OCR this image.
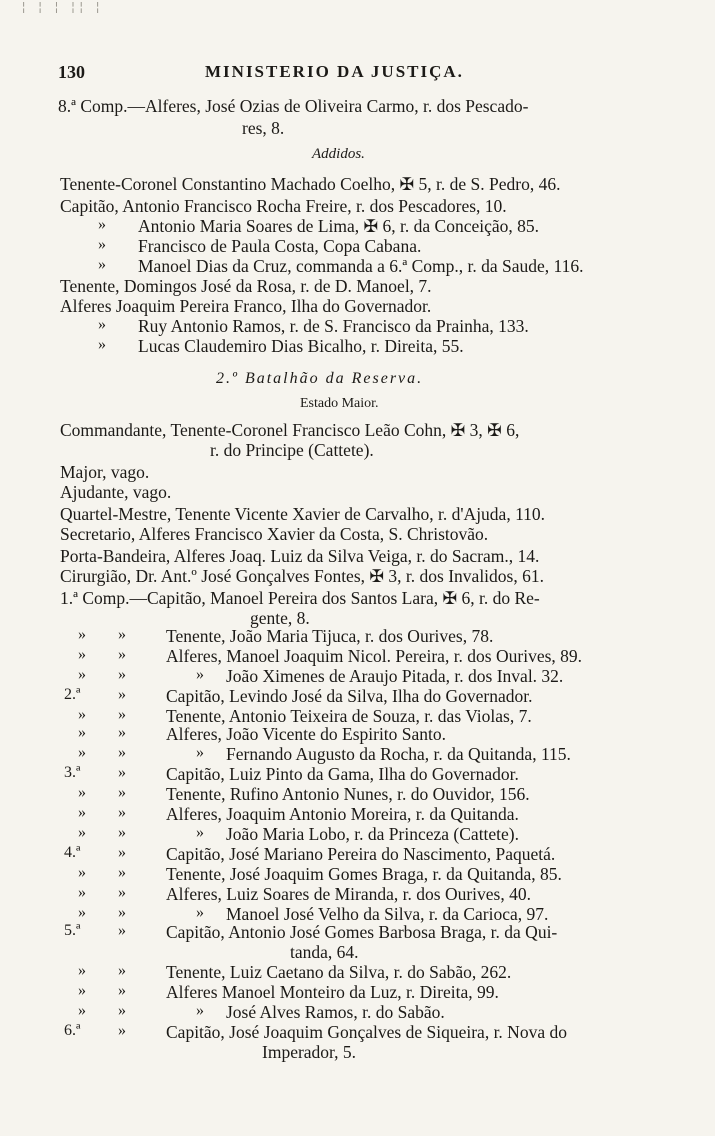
¦ ¦ ¦ ¦¦ ¦
130	MINISTERIO DA JUSTIÇA.
8.ª Comp.—Alferes, José Ozias de Oliveira Carmo, r. dos Pescado-
res, 8.
Addidos.
Tenente-Coronel Constantino Machado Coelho, ✠ 5, r. de S. Pedro, 46.
Capitão, Antonio Francisco Rocha Freire, r. dos Pescadores, 10.
» Antonio Maria Soares de Lima, ✠ 6, r. da Conceição, 85.
» Francisco de Paula Costa, Copa Cabana.
» Manoel Dias da Cruz, commanda a 6.ª Comp., r. da Saude, 116.
Tenente, Domingos José da Rosa, r. de D. Manoel, 7.
Alferes Joaquim Pereira Franco, Ilha do Governador.
» Ruy Antonio Ramos, r. de S. Francisco da Prainha, 133.
» Lucas Claudemiro Dias Bicalho, r. Direita, 55.
2.º Batalhão da Reserva.
Estado Maior.
Commandante, Tenente-Coronel Francisco Leão Cohn, ✠ 3, ✠ 6,
r. do Principe (Cattete).
Major, vago.
Ajudante, vago.
Quartel-Mestre, Tenente Vicente Xavier de Carvalho, r. d'Ajuda, 110.
Secretario, Alferes Francisco Xavier da Costa, S. Christovão.
Porta-Bandeira, Alferes Joaq. Luiz da Silva Veiga, r. do Sacram., 14.
Cirurgião, Dr. Ant.º José Gonçalves Fontes, ✠ 3, r. dos Invalidos, 61.
1.ª Comp.—Capitão, Manoel Pereira dos Santos Lara, ✠ 6, r. do Re-
gente, 8.
» » Tenente, João Maria Tijuca, r. dos Ourives, 78.
» » Alferes, Manoel Joaquim Nicol. Pereira, r. dos Ourives, 89.
» »	» João Ximenes de Araujo Pitada, r. dos Inval. 32.
2.ª » Capitão, Levindo José da Silva, Ilha do Governador.
» » Tenente, Antonio Teixeira de Souza, r. das Violas, 7.
» » Alferes, João Vicente do Espirito Santo.
» »	» Fernando Augusto da Rocha, r. da Quitanda, 115.
3.ª » Capitão, Luiz Pinto da Gama, Ilha do Governador.
» » Tenente, Rufino Antonio Nunes, r. do Ouvidor, 156.
» » Alferes, Joaquim Antonio Moreira, r. da Quitanda.
» »	» João Maria Lobo, r. da Princeza (Cattete).
4.ª » Capitão, José Mariano Pereira do Nascimento, Paquetá.
» » Tenente, José Joaquim Gomes Braga, r. da Quitanda, 85.
» » Alferes, Luiz Soares de Miranda, r. dos Ourives, 40.
» »	» Manoel José Velho da Silva, r. da Carioca, 97.
5.ª » Capitão, Antonio José Gomes Barbosa Braga, r. da Qui-
tanda, 64.
» » Tenente, Luiz Caetano da Silva, r. do Sabão, 262.
» » Alferes Manoel Monteiro da Luz, r. Direita, 99.
» »	» José Alves Ramos, r. do Sabão.
6.ª » Capitão, José Joaquim Gonçalves de Siqueira, r. Nova do
Imperador, 5.
